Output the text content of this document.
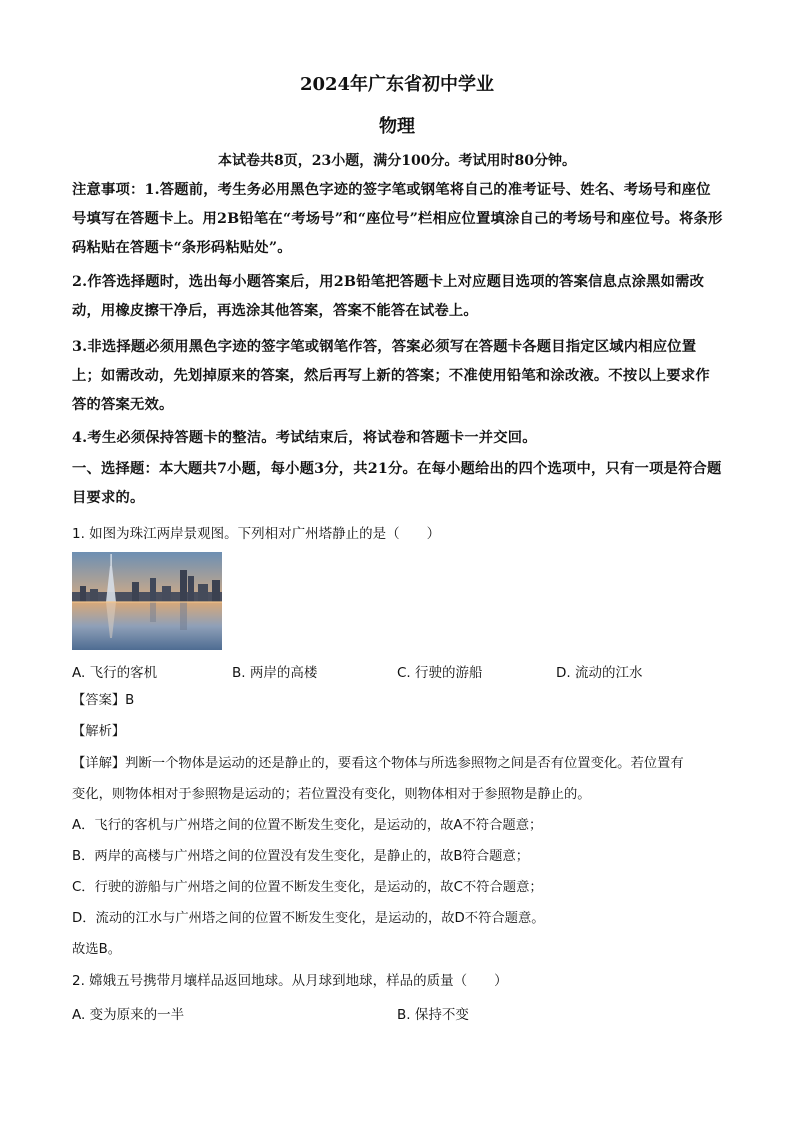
2024年广东省初中学业
物理
本试卷共8页，23小题，满分100分。考试用时80分钟。
注意事项：1.答题前，考生务必用黑色字迹的签字笔或钢笔将自己的准考证号、姓名、考场号和座位号填写在答题卡上。用2B铅笔在“考场号”和“座位号”栏相应位置填涂自己的考场号和座位号。将条形码粘贴在答题卡“条形码粘贴处”。
2.作答选择题时，选出每小题答案后，用2B铅笔把答题卡上对应题目选项的答案信息点涂黑如需改动，用橡皮擦干净后，再选涂其他答案，答案不能答在试卷上。
3.非选择题必须用黑色字迹的签字笔或钢笔作答，答案必须写在答题卡各题目指定区域内相应位置上；如需改动，先划掉原来的答案，然后再写上新的答案；不准使用铅笔和涂改液。不按以上要求作答的答案无效。
4.考生必须保持答题卡的整洁。考试结束后，将试卷和答题卡一并交回。
一、选择题：本大题共7小题，每小题3分，共21分。在每小题给出的四个选项中，只有一项是符合题目要求的。
1. 如图为珠江两岸景观图。下列相对广州塔静止的是（　　）
A. 飞行的客机	B. 两岸的高楼	C. 行驶的游船	D. 流动的江水
【答案】B
【解析】
【详解】判断一个物体是运动的还是静止的，要看这个物体与所选参照物之间是否有位置变化。若位置有
变化，则物体相对于参照物是运动的；若位置没有变化，则物体相对于参照物是静止的。
A．飞行的客机与广州塔之间的位置不断发生变化，是运动的，故A不符合题意；
B．两岸的高楼与广州塔之间的位置没有发生变化，是静止的，故B符合题意；
C．行驶的游船与广州塔之间的位置不断发生变化，是运动的，故C不符合题意；
D．流动的江水与广州塔之间的位置不断发生变化，是运动的，故D不符合题意。
故选B。
2. 嫦娥五号携带月壤样品返回地球。从月球到地球，样品的质量（　　）
A. 变为原来的一半	B. 保持不变
